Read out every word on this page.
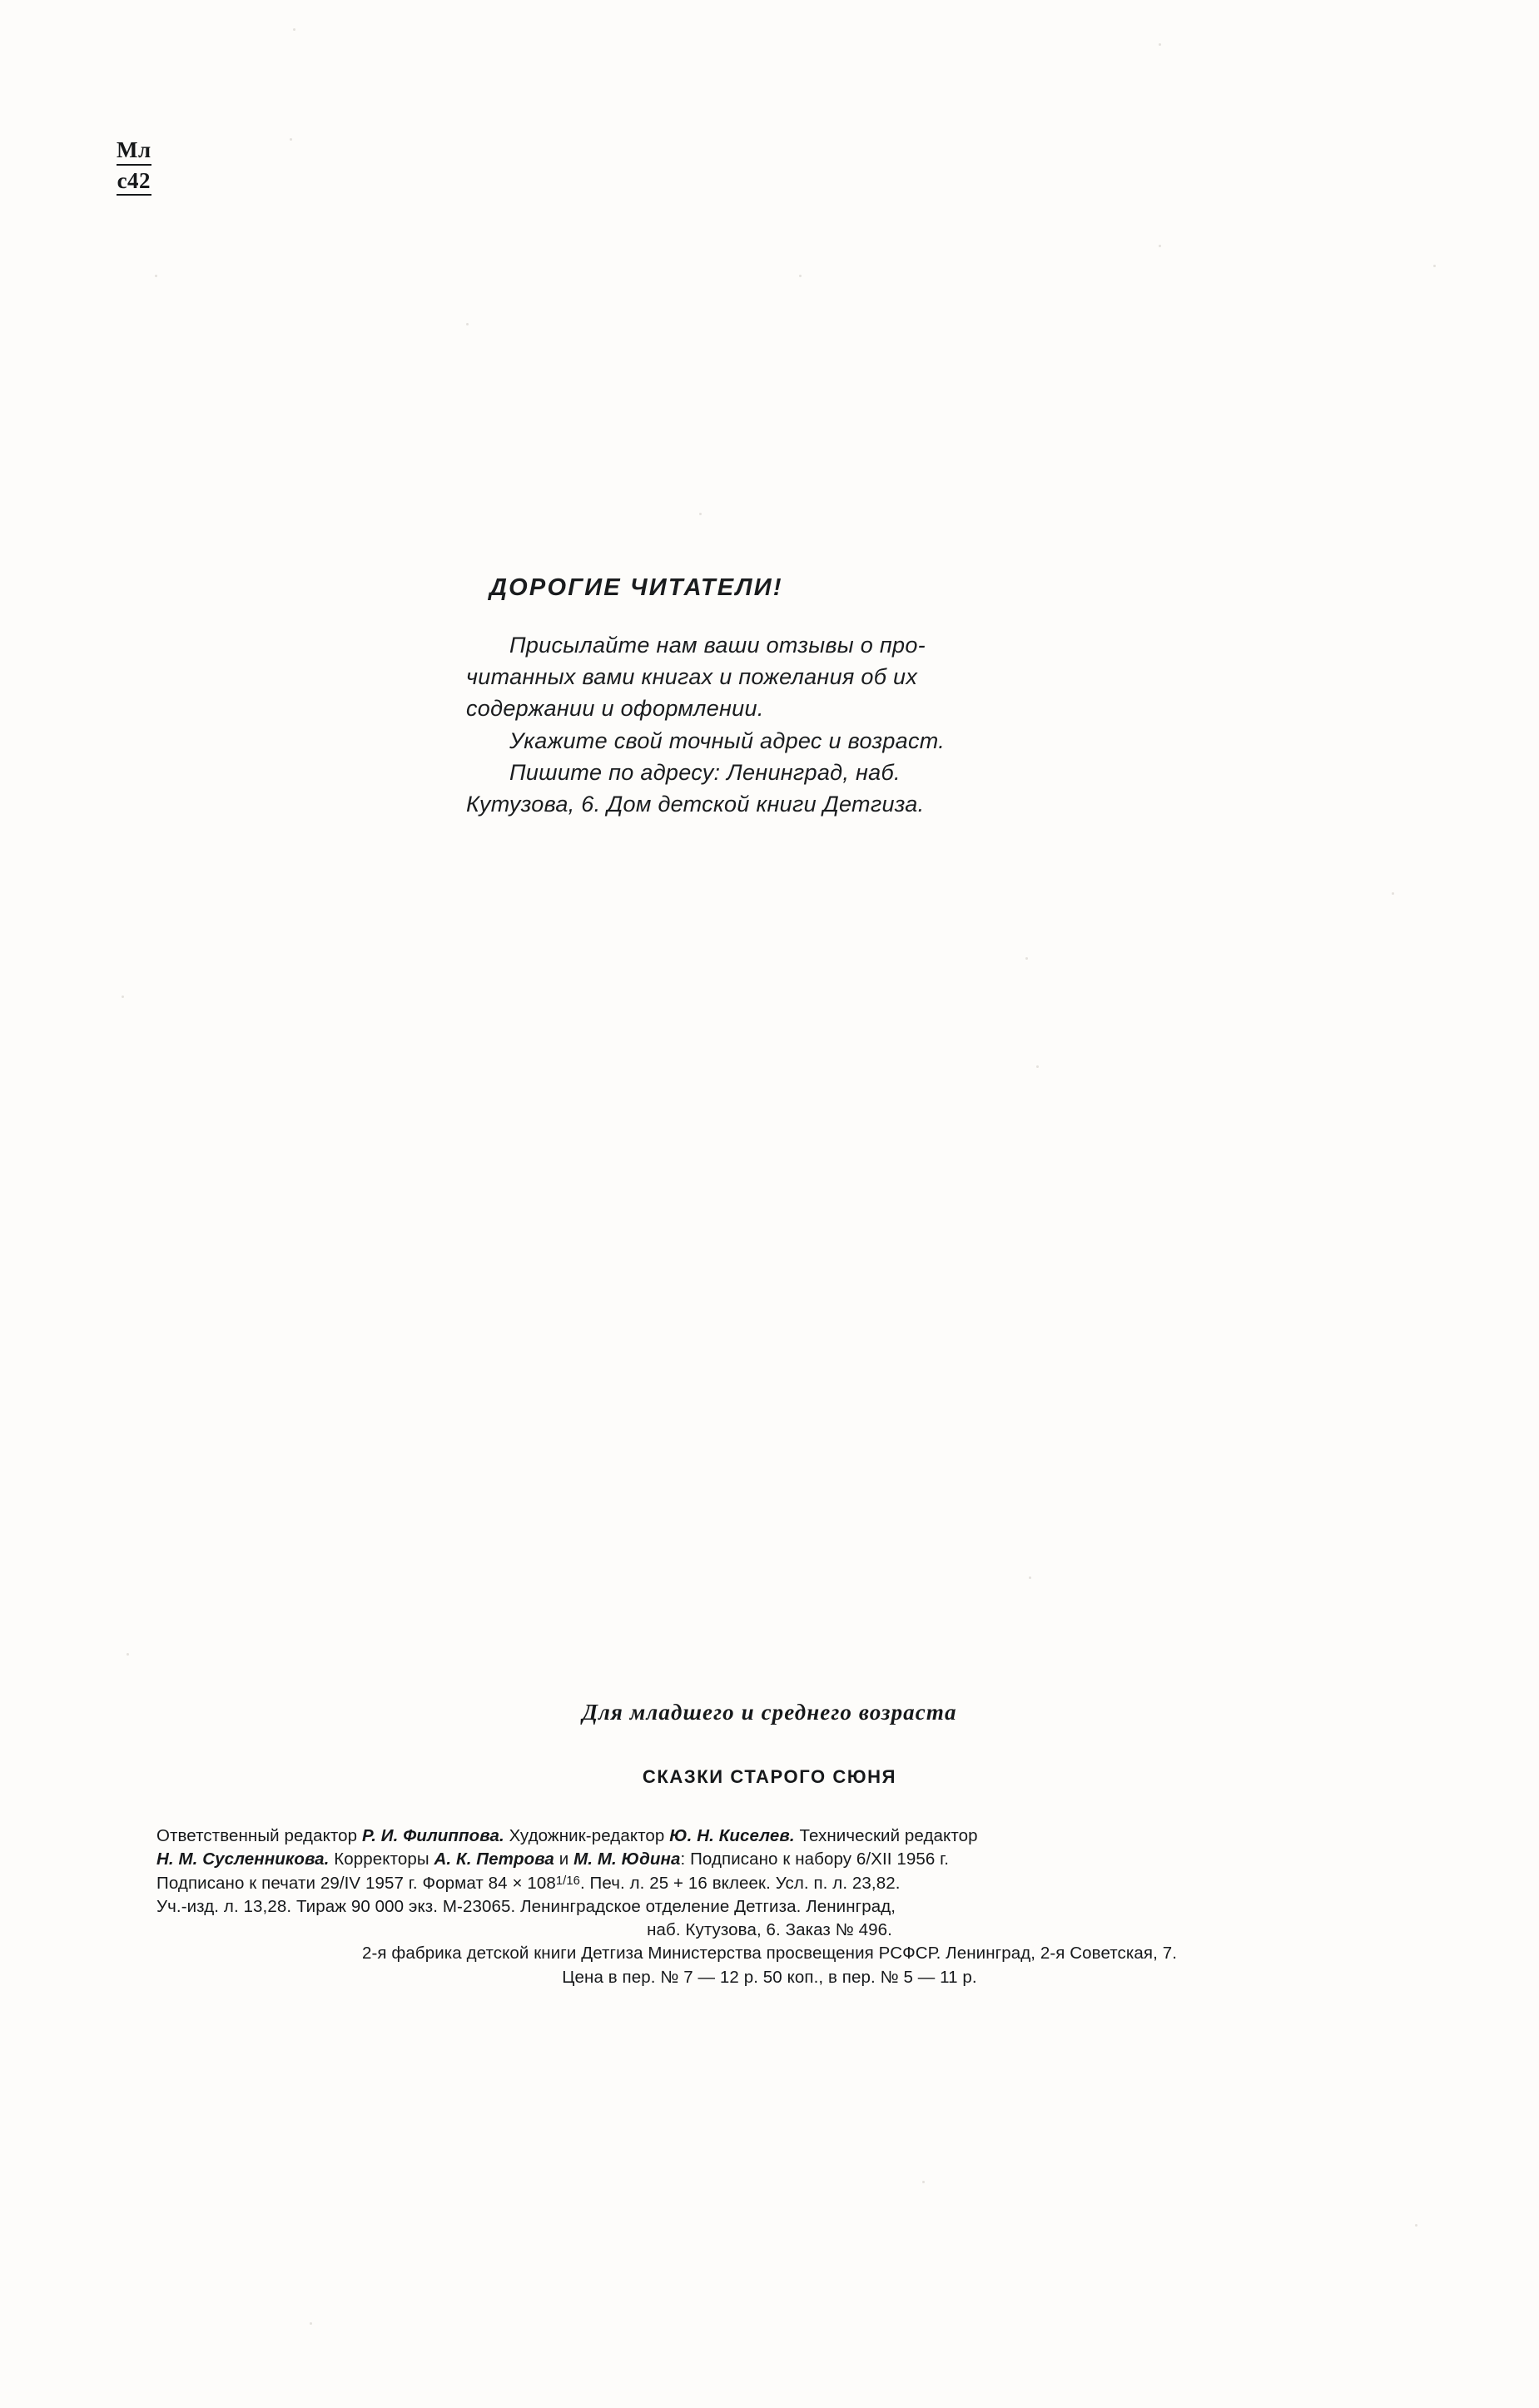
Мл
с42
ДОРОГИЕ ЧИТАТЕЛИ!

Присылайте нам ваши отзывы о про-

читанных вами книгах и пожелания об их

содержании и оформлении.

Укажите свой точный адрес и возраст.

Пишите по адресу: Ленинград, наб.

Кутузова, 6. Дом детской книги Детгиза.

Для младшего и среднего возраста
СКАЗКИ СТАРОГО СЮНЯ

Ответственный редактор Р. И. Филиппова. Художник-редактор Ю. Н. Киселев. Технический редактор

Н. М. Сусленникова. Корректоры А. К. Петрова и М. М. Юдина: Подписано к набору 6/XII 1956 г.

Подписано к печати 29/IV 1957 г. Формат $84 \times 108^{1/16}$. Печ. л. 25 + 16 вклеек. Усл. п. л. 23,82.

Уч.-изд. л. 13,28. Тираж 90 000 экз. М-23065. Ленинградское отделение Детгиза. Ленинград,

наб. Кутузова, 6. Заказ № 496.

2-я фабрика детской книги Детгиза Министерства просвещения РСФСР. Ленинград, 2-я Советская, 7.

Цена в пер. № 7 — 12 р. 50 коп., в пер. № 5 — 11 р.
